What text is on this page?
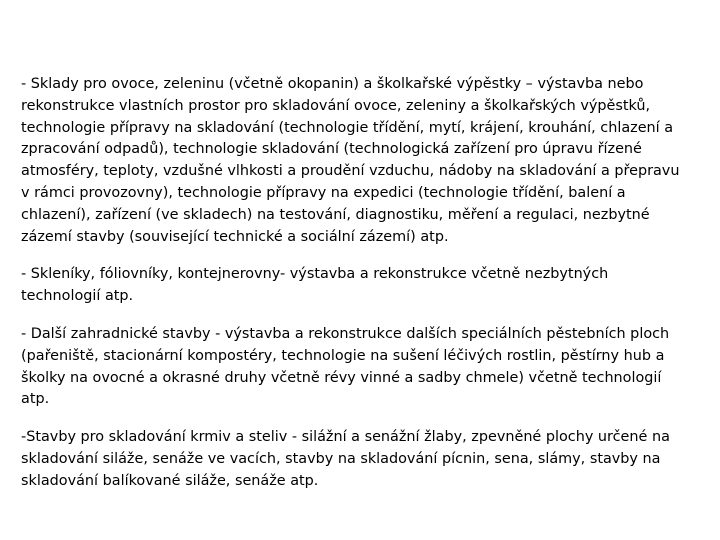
- Sklady pro ovoce, zeleninu (včetně okopanin) a školkařské výpěstky – výstavba nebo rekonstrukce vlastních prostor pro skladování ovoce, zeleniny a školkařských výpěstků, technologie přípravy na skladování (technologie třídění, mytí, krájení, krouhání, chlazení a zpracování odpadů), technologie skladování (technologická zařízení pro úpravu řízené atmosféry, teploty, vzdušné vlhkosti a proudění vzduchu, nádoby na skladování a přepravu v rámci provozovny), technologie přípravy na expedici (technologie třídění, balení a chlazení), zařízení (ve skladech) na testování, diagnostiku, měření a regulaci, nezbytné zázemí stavby (související technické a sociální zázemí) atp.

- Skleníky, fóliovníky, kontejnerovny- výstavba a rekonstrukce včetně nezbytných technologií atp.

- Další zahradnické stavby - výstavba a rekonstrukce dalších speciálních pěstebních ploch (pařeniště, stacionární kompostéry, technologie na sušení léčivých rostlin, pěstírny hub a školky na ovocné a okrasné druhy včetně révy vinné a sadby chmele) včetně technologií atp.

-Stavby pro skladování krmiv a steliv - silážní a senážní žlaby, zpevněné plochy určené na skladování siláže, senáže ve vacích, stavby na skladování pícnin, sena, slámy, stavby na skladování balíkované siláže, senáže atp.
